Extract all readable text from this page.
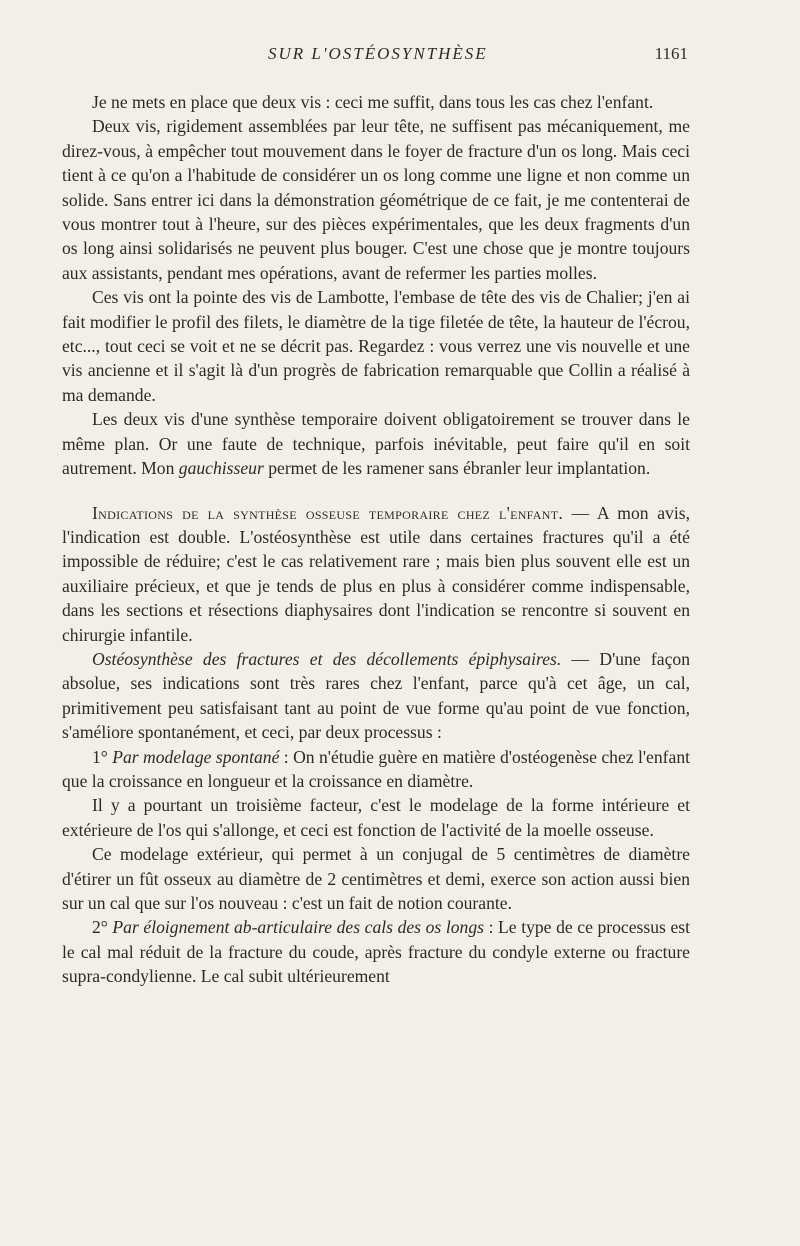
SUR L'OSTÉOSYNTHÈSE	1161

Je ne mets en place que deux vis : ceci me suffit, dans tous les cas chez l'enfant.

Deux vis, rigidement assemblées par leur tête, ne suffisent pas mécaniquement, me direz-vous, à empêcher tout mouvement dans le foyer de fracture d'un os long. Mais ceci tient à ce qu'on a l'habitude de considérer un os long comme une ligne et non comme un solide. Sans entrer ici dans la démonstration géométrique de ce fait, je me contenterai de vous montrer tout à l'heure, sur des pièces expérimentales, que les deux fragments d'un os long ainsi solidarisés ne peuvent plus bouger. C'est une chose que je montre toujours aux assistants, pendant mes opérations, avant de refermer les parties molles.

Ces vis ont la pointe des vis de Lambotte, l'embase de tête des vis de Chalier; j'en ai fait modifier le profil des filets, le diamètre de la tige filetée de tête, la hauteur de l'écrou, etc..., tout ceci se voit et ne se décrit pas. Regardez : vous verrez une vis nouvelle et une vis ancienne et il s'agit là d'un progrès de fabrication remarquable que Collin a réalisé à ma demande.

Les deux vis d'une synthèse temporaire doivent obligatoirement se trouver dans le même plan. Or une faute de technique, parfois inévitable, peut faire qu'il en soit autrement. Mon gauchisseur permet de les ramener sans ébranler leur implantation.

Indications de la synthèse osseuse temporaire chez l'enfant. — A mon avis, l'indication est double. L'ostéosynthèse est utile dans certaines fractures qu'il a été impossible de réduire; c'est le cas relativement rare ; mais bien plus souvent elle est un auxiliaire précieux, et que je tends de plus en plus à considérer comme indispensable, dans les sections et résections diaphysaires dont l'indication se rencontre si souvent en chirurgie infantile.

Ostéosynthèse des fractures et des décollements épiphysaires. — D'une façon absolue, ses indications sont très rares chez l'enfant, parce qu'à cet âge, un cal, primitivement peu satisfaisant tant au point de vue forme qu'au point de vue fonction, s'améliore spontanément, et ceci, par deux processus :

1° Par modelage spontané : On n'étudie guère en matière d'ostéogenèse chez l'enfant que la croissance en longueur et la croissance en diamètre.

Il y a pourtant un troisième facteur, c'est le modelage de la forme intérieure et extérieure de l'os qui s'allonge, et ceci est fonction de l'activité de la moelle osseuse.

Ce modelage extérieur, qui permet à un conjugal de 5 centimètres de diamètre d'étirer un fût osseux au diamètre de 2 centimètres et demi, exerce son action aussi bien sur un cal que sur l'os nouveau : c'est un fait de notion courante.

2° Par éloignement ab-articulaire des cals des os longs : Le type de ce processus est le cal mal réduit de la fracture du coude, après fracture du condyle externe ou fracture supra-condylienne. Le cal subit ultérieurement
